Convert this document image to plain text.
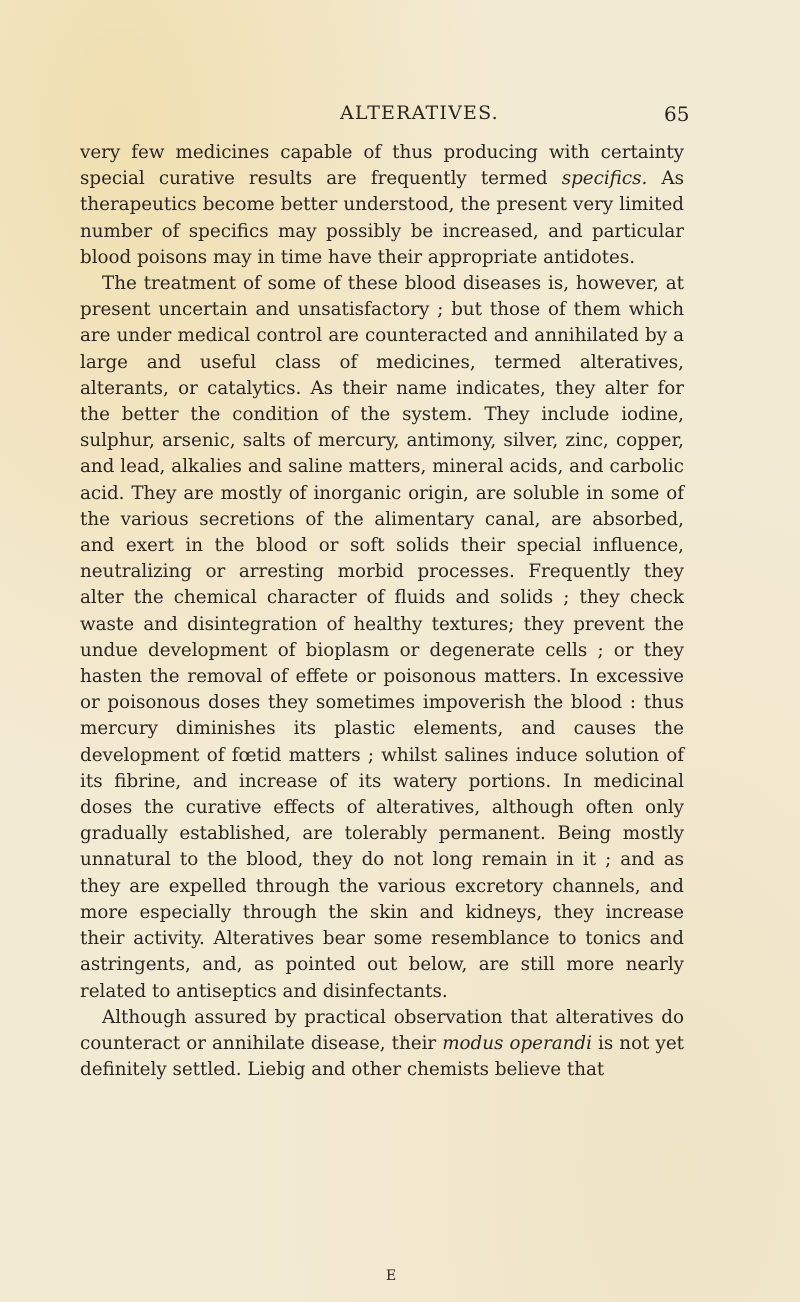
ALTERATIVES.	65

very few medicines capable of thus producing with certainty special curative results are frequently termed specifics. As therapeutics become better understood, the present very limited number of specifics may possibly be increased, and particular blood poisons may in time have their appropriate antidotes.

The treatment of some of these blood diseases is, however, at present uncertain and unsatisfactory ; but those of them which are under medical control are counteracted and annihilated by a large and useful class of medicines, termed alteratives, alterants, or catalytics. As their name indicates, they alter for the better the condition of the system. They include iodine, sulphur, arsenic, salts of mercury, antimony, silver, zinc, copper, and lead, alkalies and saline matters, mineral acids, and carbolic acid. They are mostly of inorganic origin, are soluble in some of the various secretions of the alimentary canal, are absorbed, and exert in the blood or soft solids their special influence, neutralizing or arresting morbid processes. Frequently they alter the chemical character of fluids and solids ; they check waste and disintegration of healthy textures; they prevent the undue development of bioplasm or degenerate cells ; or they hasten the removal of effete or poisonous matters. In excessive or poisonous doses they sometimes impoverish the blood : thus mercury diminishes its plastic elements, and causes the development of fœtid matters ; whilst salines induce solution of its fibrine, and increase of its watery portions. In medicinal doses the curative effects of alteratives, although often only gradually established, are tolerably permanent. Being mostly unnatural to the blood, they do not long remain in it ; and as they are expelled through the various excretory channels, and more especially through the skin and kidneys, they increase their activity. Alteratives bear some resemblance to tonics and astringents, and, as pointed out below, are still more nearly related to antiseptics and disinfectants.

Although assured by practical observation that alteratives do counteract or annihilate disease, their modus operandi is not yet definitely settled. Liebig and other chemists believe that

E
